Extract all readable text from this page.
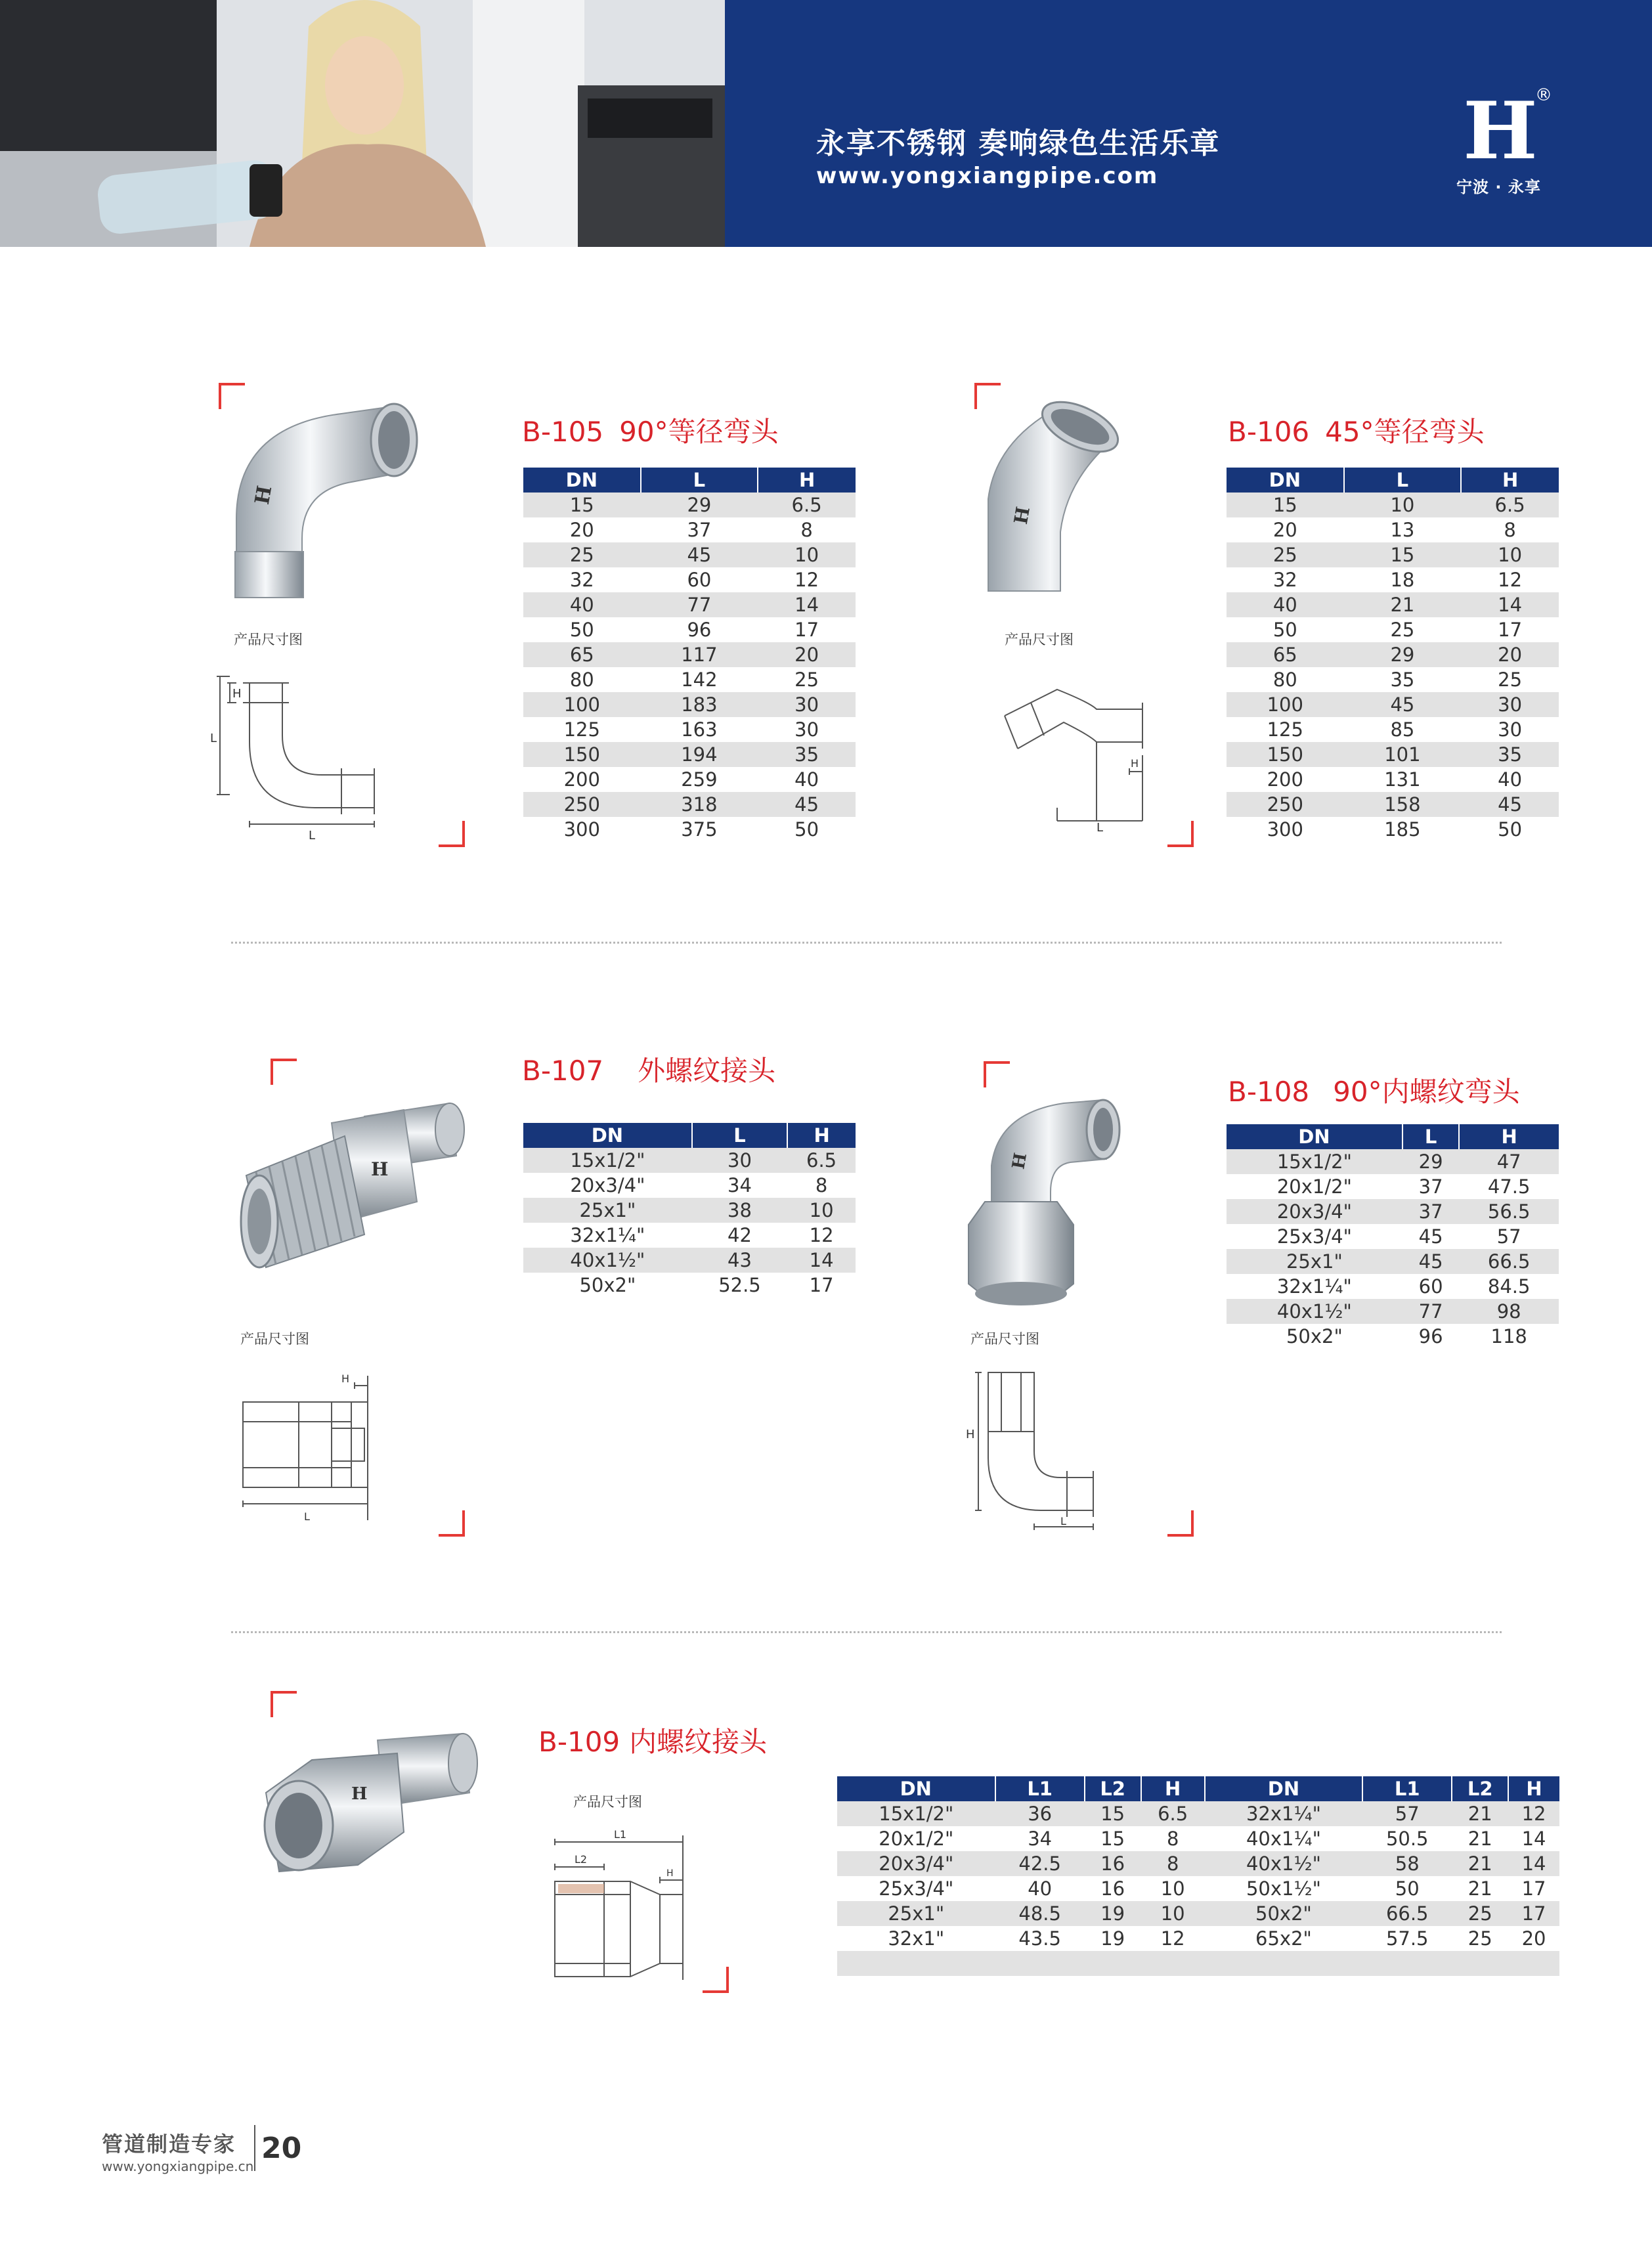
永享不锈钢 奏响绿色生活乐章
www.yongxiangpipe.com	H
®
宁波 · 永享
H
产品尺寸图
L
H
L
B-105 90°等径弯头
DN	L	H
15	29	6.5
20	37	8
25	45	10
32	60	12
40	77	14
50	96	17
65	117	20
80	142	25
100	183	30
125	163	30
150	194	35
200	259	40
250	318	45
300	375	50
H
产品尺寸图
H
L
B-106 45°等径弯头
DN	L	H
15	10	6.5
20	13	8
25	15	10
32	18	12
40	21	14
50	25	17
65	29	20
80	35	25
100	45	30
125	85	30
150	101	35
200	131	40
250	158	45
300	185	50
H
产品尺寸图
H
L
B-107 外螺纹接头
DN	L	H
15x1/2"	30	6.5
20x3/4"	34	8
25x1"	38	10
32x1¼"	42	12
40x1½"	43	14
50x2"	52.5	17
H
产品尺寸图
H
L
B-108 90°内螺纹弯头
DN	L	H
15x1/2"	29	47
20x1/2"	37	47.5
20x3/4"	37	56.5
25x3/4"	45	57
25x1"	45	66.5
32x1¼"	60	84.5
40x1½"	77	98
50x2"	96	118
H	产品尺寸图
L1
L2
H
B-109 内螺纹接头
DN	L1	L2	H	DN	L1	L2	H
15x1/2"	36	15	6.5	32x1¼"	57	21	12
20x1/2"	34	15	8	40x1¼"	50.5	21	14
20x3/4"	42.5	16	8	40x1½"	58	21	14
25x3/4"	40	16	10	50x1½"	50	21	17
25x1"	48.5	19	10	50x2"	66.5	25	17
32x1"	43.5	19	12	65x2"	57.5	25	20

管道制造专家
www.yongxiangpipe.cn
20
